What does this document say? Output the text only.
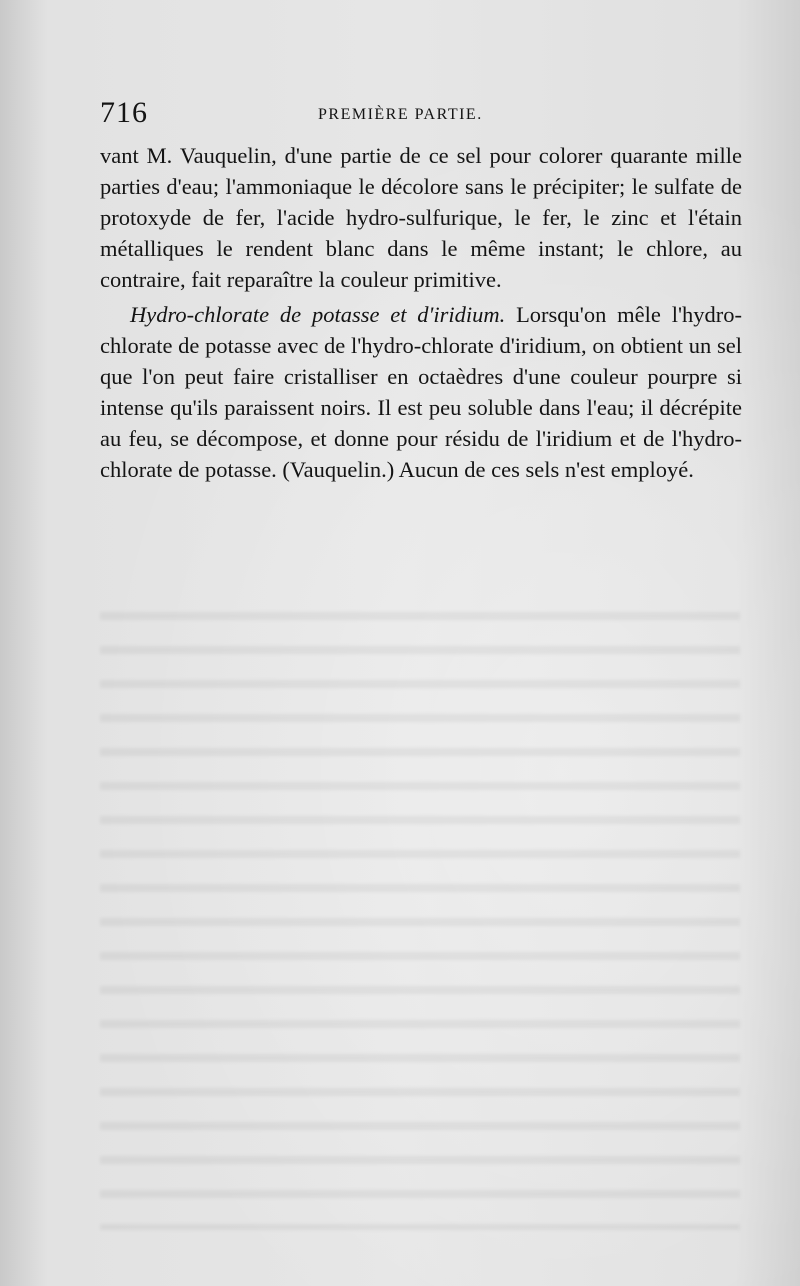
716	PREMIÈRE PARTIE.

vant M. Vauquelin, d'une partie de ce sel pour colorer quarante mille parties d'eau; l'ammoniaque le décolore sans le précipiter; le sulfate de protoxyde de fer, l'acide hydro-sulfurique, le fer, le zinc et l'étain métalliques le rendent blanc dans le même instant; le chlore, au contraire, fait reparaître la couleur primitive.

Hydro-chlorate de potasse et d'iridium. Lorsqu'on mêle l'hydro-chlorate de potasse avec de l'hydro-chlorate d'iridium, on obtient un sel que l'on peut faire cristalliser en octaèdres d'une couleur pourpre si intense qu'ils paraissent noirs. Il est peu soluble dans l'eau; il décrépite au feu, se décompose, et donne pour résidu de l'iridium et de l'hydro-chlorate de potasse. (Vauquelin.) Aucun de ces sels n'est employé.
